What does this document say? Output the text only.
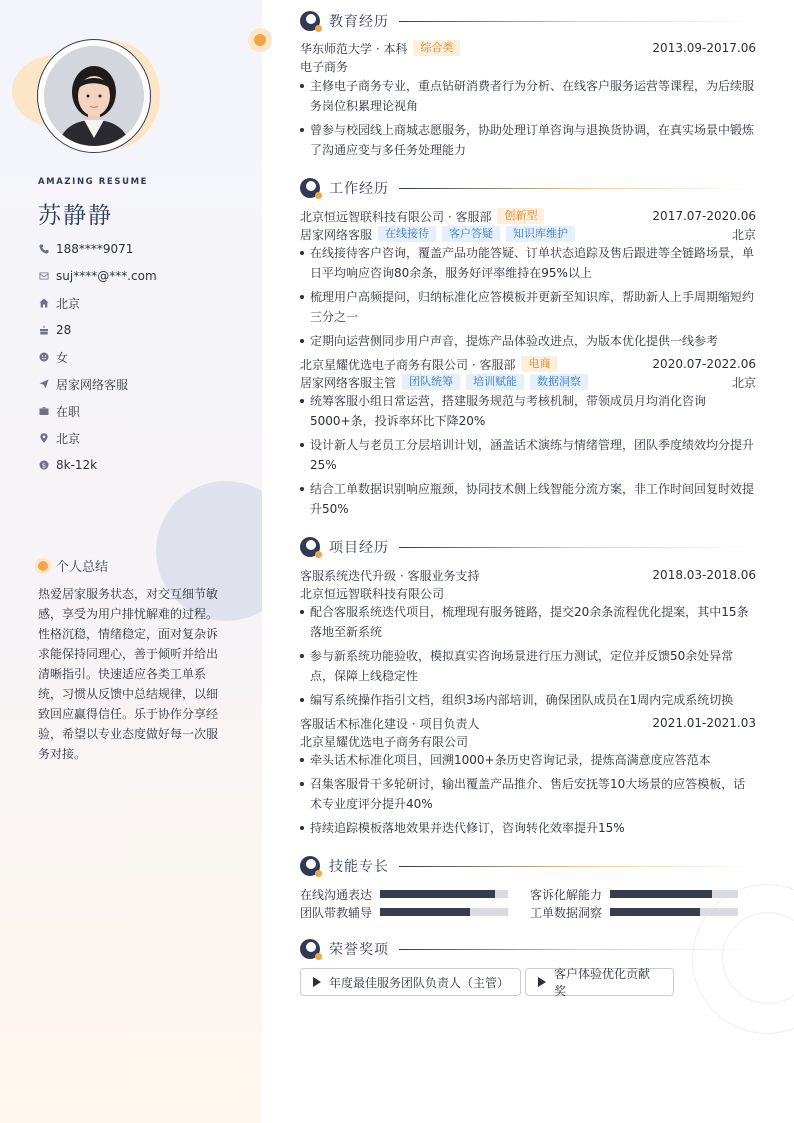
AMAZING RESUME
苏静静
188****9071
suj****@***.com
北京
28
女
居家网络客服
在职
北京
$ 8k-12k
个人总结
热爱居家服务状态，对交互细节敏感，享受为用户排忧解难的过程。性格沉稳，情绪稳定，面对复杂诉求能保持同理心，善于倾听并给出清晰指引。快速适应各类工单系统，习惯从反馈中总结规律，以细致回应赢得信任。乐于协作分享经验，希望以专业态度做好每一次服务对接。
教育经历
华东师范大学 · 本科	综合类	2013.09-2017.06
电子商务
主修电子商务专业，重点钻研消费者行为分析、在线客户服务运营等课程，为后续服务岗位积累理论视角
曾参与校园线上商城志愿服务，协助处理订单咨询与退换货协调，在真实场景中锻炼了沟通应变与多任务处理能力
工作经历
北京恒远智联科技有限公司 · 客服部	创新型	2017.07-2020.06
居家网络客服	在线接待	客户答疑	知识库维护	北京
在线接待客户咨询，覆盖产品功能答疑、订单状态追踪及售后跟进等全链路场景，单日平均响应咨询80余条，服务好评率维持在95%以上
梳理用户高频提问，归纳标准化应答模板并更新至知识库，帮助新人上手周期缩短约三分之一
定期向运营侧同步用户声音，提炼产品体验改进点，为版本优化提供一线参考
北京星耀优选电子商务有限公司 · 客服部	电商	2020.07-2022.06
居家网络客服主管	团队统筹	培训赋能	数据洞察	北京
统筹客服小组日常运营，搭建服务规范与考核机制，带领成员月均消化咨询5000+条，投诉率环比下降20%
设计新人与老员工分层培训计划，涵盖话术演练与情绪管理，团队季度绩效均分提升25%
结合工单数据识别响应瓶颈，协同技术侧上线智能分流方案，非工作时间回复时效提升50%
项目经历
客服系统迭代升级 · 客服业务支持	2018.03-2018.06
北京恒远智联科技有限公司
配合客服系统迭代项目，梳理现有服务链路，提交20余条流程优化提案，其中15条落地至新系统
参与新系统功能验收，模拟真实咨询场景进行压力测试，定位并反馈50余处异常点，保障上线稳定性
编写系统操作指引文档，组织3场内部培训，确保团队成员在1周内完成系统切换
客服话术标准化建设 · 项目负责人	2021.01-2021.03
北京星耀优选电子商务有限公司
牵头话术标准化项目，回溯1000+条历史咨询记录，提炼高满意度应答范本
召集客服骨干多轮研讨，输出覆盖产品推介、售后安抚等10大场景的应答模板，话术专业度评分提升40%
持续追踪模板落地效果并迭代修订，咨询转化效率提升15%
技能专长
在线沟通表达	客诉化解能力
团队带教辅导	工单数据洞察
荣誉奖项
年度最佳服务团队负责人（主管）
客户体验优化贡献奖
